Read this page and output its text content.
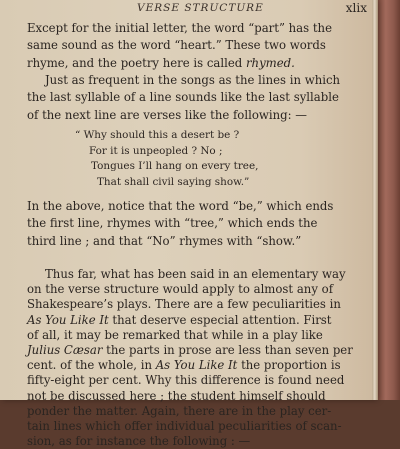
VERSE STRUCTURE	xlix
Except for the initial letter, the word “part” has the
same sound as the word “heart.” These two words
rhyme, and the poetry here is called rhymed.
Just as frequent in the songs as the lines in which
the last syllable of a line sounds like the last syllable
of the next line are verses like the following: —
“ Why should this a desert be ?
For it is unpeopled ? No ;
Tongues I’ll hang on every tree,
That shall civil saying show.”
In the above, notice that the word “be,” which ends
the first line, rhymes with “tree,” which ends the
third line ; and that “No” rhymes with “show.”
Thus far, what has been said in an elementary way
on the verse structure would apply to almost any of
Shakespeare’s plays. There are a few peculiarities in
As You Like It that deserve especial attention. First
of all, it may be remarked that while in a play like
Julius Cæsar the parts in prose are less than seven per
cent. of the whole, in As You Like It the proportion is
fifty-eight per cent. Why this difference is found need
not be discussed here ; the student himself should
ponder the matter. Again, there are in the play cer-
tain lines which offer individual peculiarities of scan-
sion, as for instance the following : —
